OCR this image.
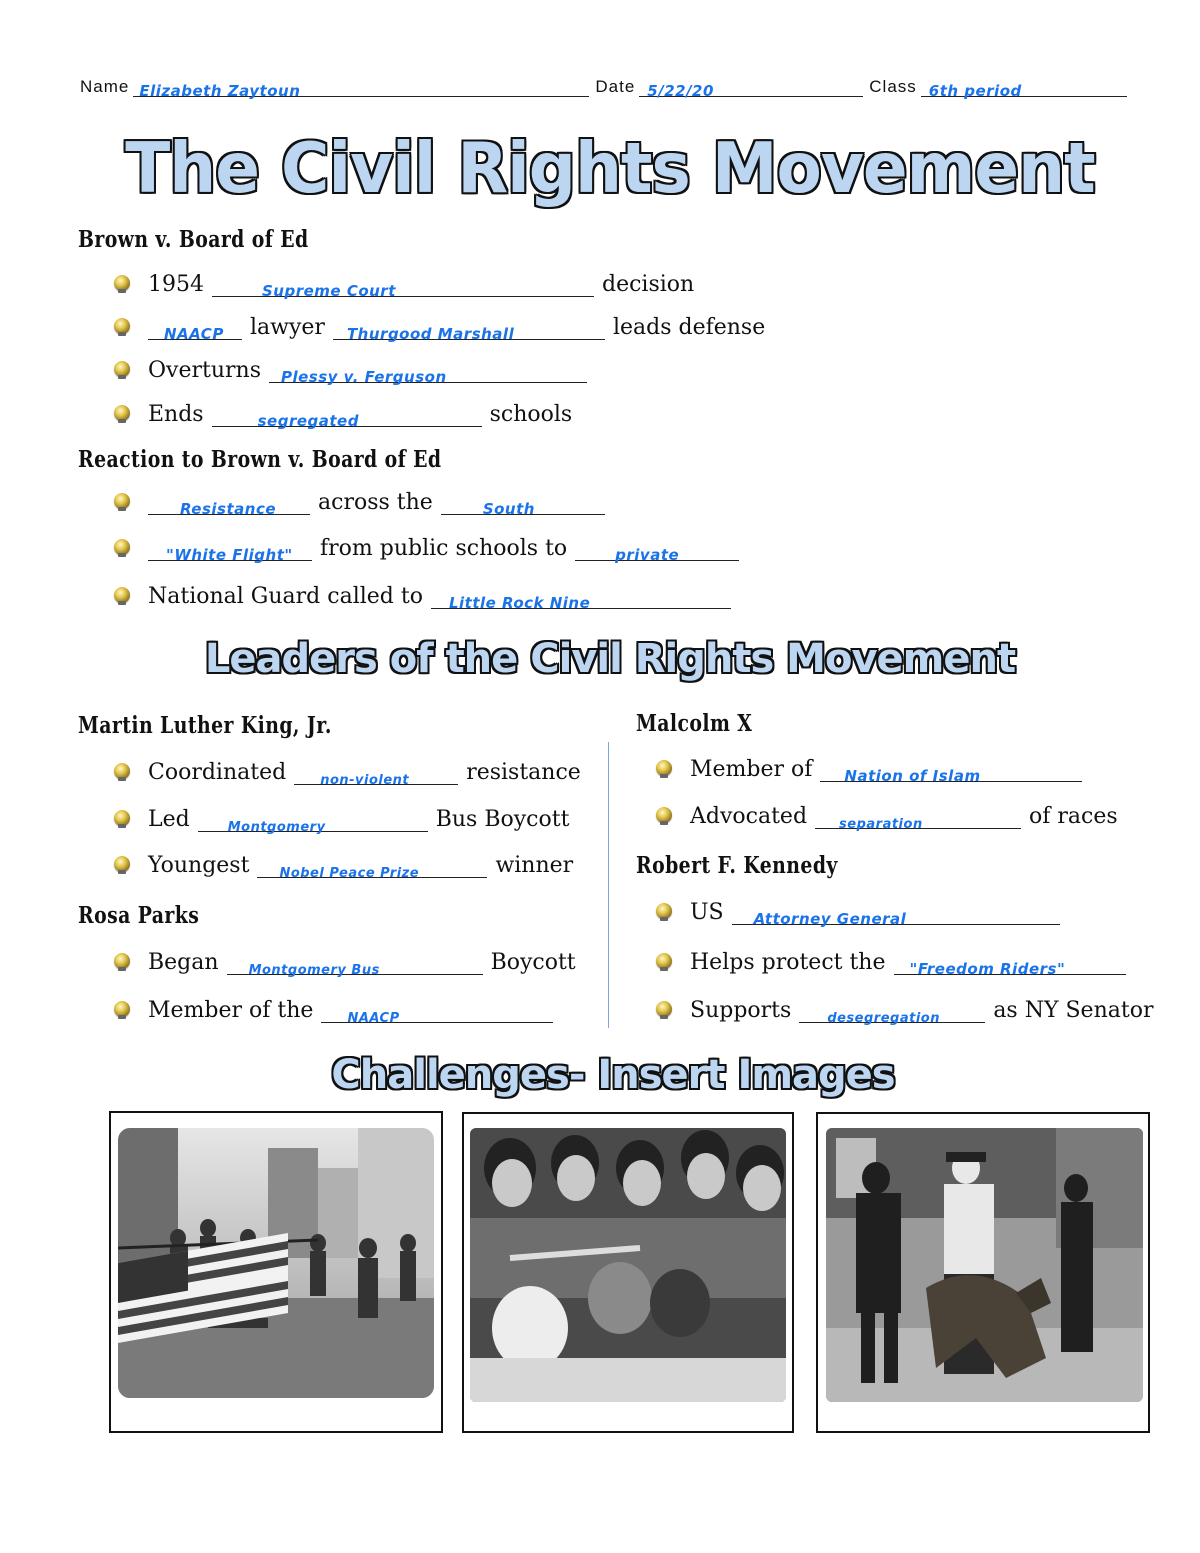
Name Elizabeth Zaytoun	Date 5/22/20	Class 6th period
The Civil Rights Movement
Brown v. Board of Ed
1954	Supreme Court	decision
NAACP lawyer Thurgood Marshall	leads defense
Overturns Plessy v. Ferguson
Ends	segregated	schools
Reaction to Brown v. Board of Ed
Resistance across the	South
"White Flight" from public schools to	private
National Guard called to Little Rock Nine
Leaders of the Civil Rights Movement
Martin Luther King, Jr.
Coordinated	non-violent	resistance
Led	Montgomery	Bus Boycott
Youngest Nobel Peace Prize	winner
Rosa Parks
Began Montgomery Bus	Boycott
Member of the	NAACP
Malcolm X
Member of Nation of Islam
Advocated separation	of races
Robert F. Kennedy
US Attorney General
Helps protect the "Freedom Riders"
Supports	desegregation as NY Senator
Challenges- Insert Images
